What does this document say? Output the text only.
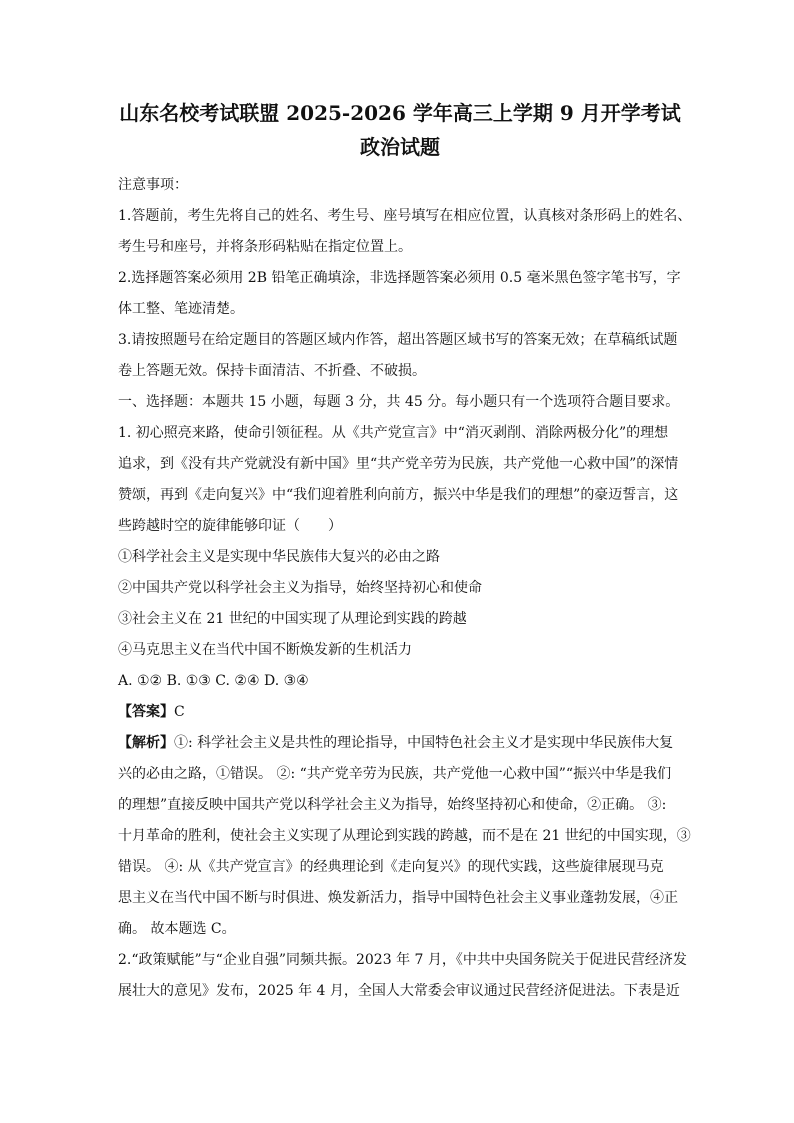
山东名校考试联盟 2025-2026 学年高三上学期 9 月开学考试
政治试题

注意事项：

1.答题前，考生先将自己的姓名、考生号、座号填写在相应位置，认真核对条形码上的姓名、

考生号和座号，并将条形码粘贴在指定位置上。

2.选择题答案必须用 2B 铅笔正确填涂，非选择题答案必须用 0.5 毫米黑色签字笔书写，字

体工整、笔迹清楚。

3.请按照题号在给定题目的答题区域内作答，超出答题区域书写的答案无效；在草稿纸试题

卷上答题无效。保持卡面清洁、不折叠、不破损。

一、选择题：本题共 15 小题，每题 3 分，共 45 分。每小题只有一个选项符合题目要求。

1. 初心照亮来路，使命引领征程。从《共产党宣言》中“消灭剥削、消除两极分化”的理想

追求，到《没有共产党就没有新中国》里“共产党辛劳为民族，共产党他一心救中国”的深情

赞颂，再到《走向复兴》中“我们迎着胜利向前方，振兴中华是我们的理想”的豪迈誓言，这

些跨越时空的旋律能够印证（　　）

①科学社会主义是实现中华民族伟大复兴的必由之路

②中国共产党以科学社会主义为指导，始终坚持初心和使命

③社会主义在 21 世纪的中国实现了从理论到实践的跨越

④马克思主义在当代中国不断焕发新的生机活力

A. ①② B. ①③ C. ②④ D. ③④

【答案】C

【解析】①: 科学社会主义是共性的理论指导，中国特色社会主义才是实现中华民族伟大复

兴的必由之路，①错误。 ②: “共产党辛劳为民族，共产党他一心救中国”“振兴中华是我们

的理想”直接反映中国共产党以科学社会主义为指导，始终坚持初心和使命，②正确。 ③:

十月革命的胜利，使社会主义实现了从理论到实践的跨越，而不是在 21 世纪的中国实现，③

错误。 ④: 从《共产党宣言》的经典理论到《走向复兴》的现代实践，这些旋律展现马克

思主义在当代中国不断与时俱进、焕发新活力，指导中国特色社会主义事业蓬勃发展，④正

确。 故本题选 C。

2.“政策赋能”与“企业自强”同频共振。2023 年 7 月，《中共中央国务院关于促进民营经济发

展壮大的意见》发布，2025 年 4 月，全国人大常委会审议通过民营经济促进法。下表是近
